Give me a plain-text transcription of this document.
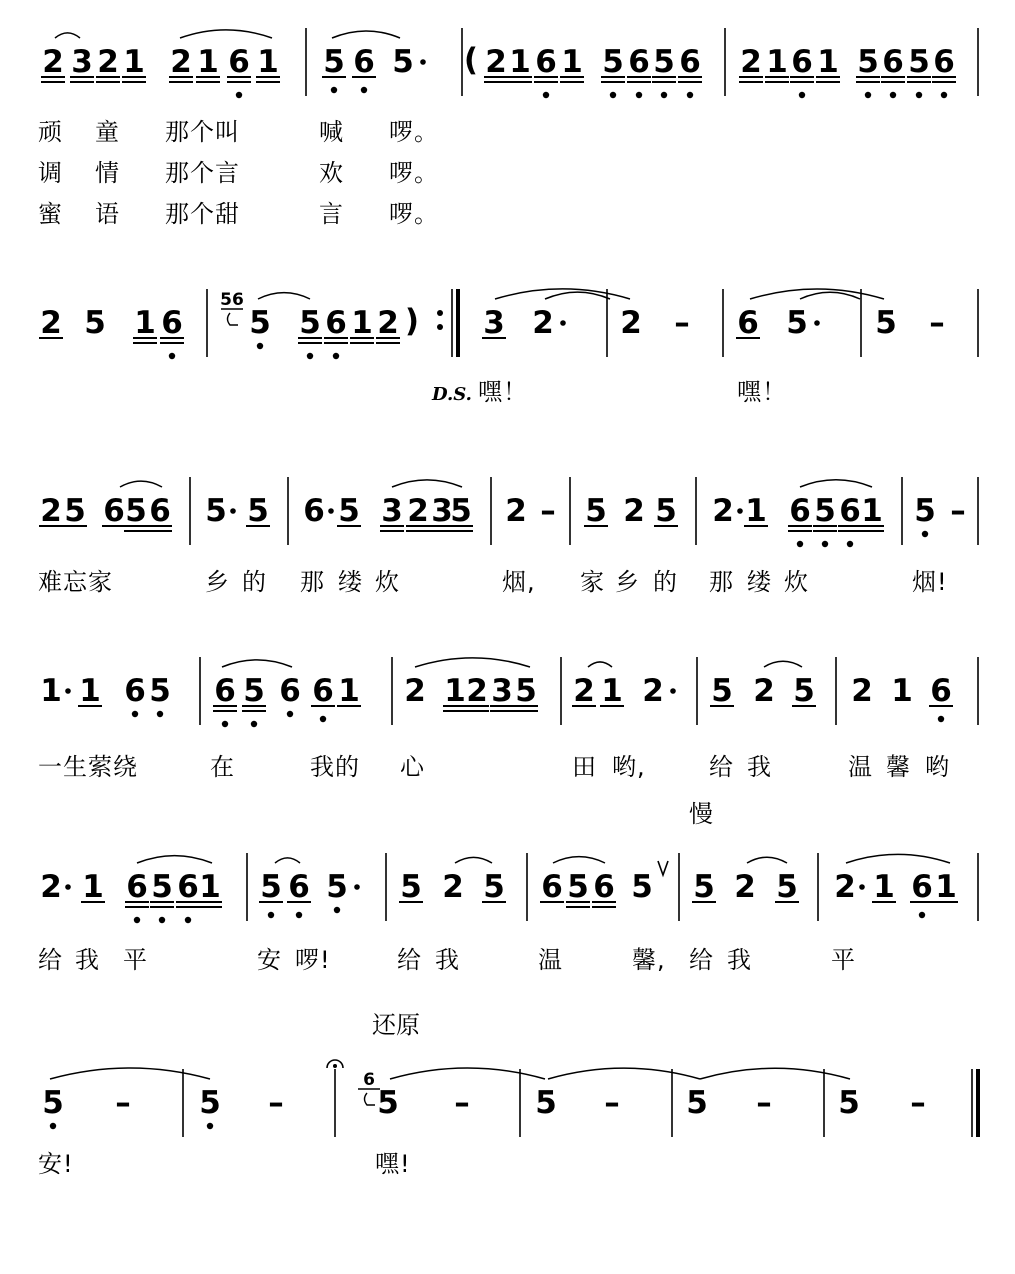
2 3 2 1 2 1 6 1 5 6 5 ( 2 1 6 1 5 6 5 6 2 1 6 1 5 6 5 6
顽 童 那个叫	喊 啰。
调 情 那个言	欢 啰。
蜜 语 那个甜	言 啰。
2 5 1 6
56
5 5 6 1 2 ) 3 2 2 – 6 5 5 –
D.S. 嘿！	嘿！
2 5 6 5 6 5 5 6 5 3 2 3
5 2 – 5 2 5 2 1 6 5 6 1 5 –
难忘家	乡 的 那 缕 炊	烟, 家 乡 的 那 缕 炊	烟!
1 1 6 5 6 5 6 6 1 2 1 2 3 5 2 1 2 5 2 5 2 1 6
一生萦绕	在	我的 心	田 哟,	给 我	温 馨 哟
慢
2 1 6 5 6 1 5 6 5 5 2 5 6 5 6 5 5 2 5 2 1 6 1
给 我 平	安 啰!	给 我	温	馨, 给 我	平
还原
5 – 5 –
6
5 – 5 – 5 – 5 –
安!	嘿!
